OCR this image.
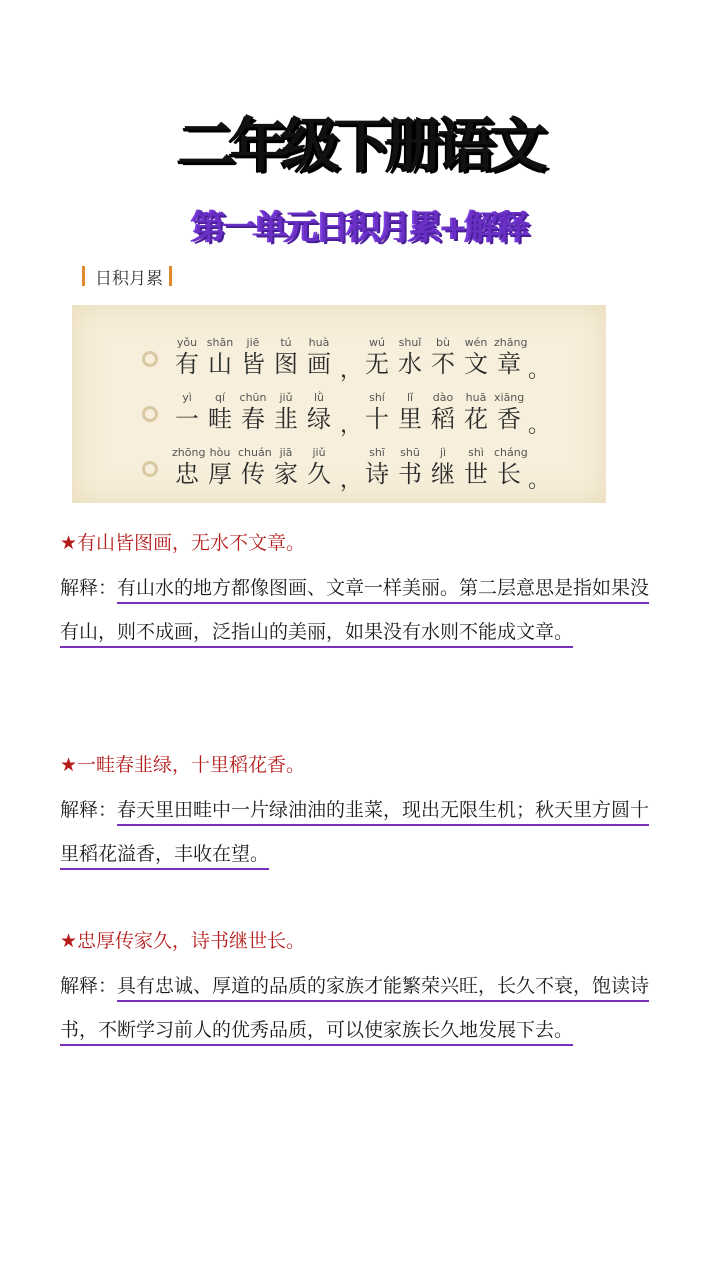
二年级下册语文
第一单元日积月累+解释
日积月累
yǒu
有
shān
山
jiē
皆
tú
图
huà
画 ，
wú
无
shuǐ
水
bù
不
wén
文
zhāng
章 。
yì
一
qí
畦
chūn
春
jiǔ
韭
lǜ
绿 ，
shí
十
lǐ
里
dào
稻
huā
花
xiāng
香 。
zhōng
忠
hòu
厚
chuán
传
jiā
家
jiǔ
久 ，
shī
诗
shū
书
jì
继
shì
世
cháng
长 。
★有山皆图画，无水不文章。
解释：有山水的地方都像图画、文章一样美丽。第二层意思是指如果没有山，则不成画，泛指山的美丽，如果没有水则不能成文章。
★一畦春韭绿，十里稻花香。
解释：春天里田畦中一片绿油油的韭菜，现出无限生机；秋天里方圆十里稻花溢香，丰收在望。
★忠厚传家久，诗书继世长。
解释：具有忠诚、厚道的品质的家族才能繁荣兴旺，长久不衰，饱读诗书，不断学习前人的优秀品质，可以使家族长久地发展下去。
